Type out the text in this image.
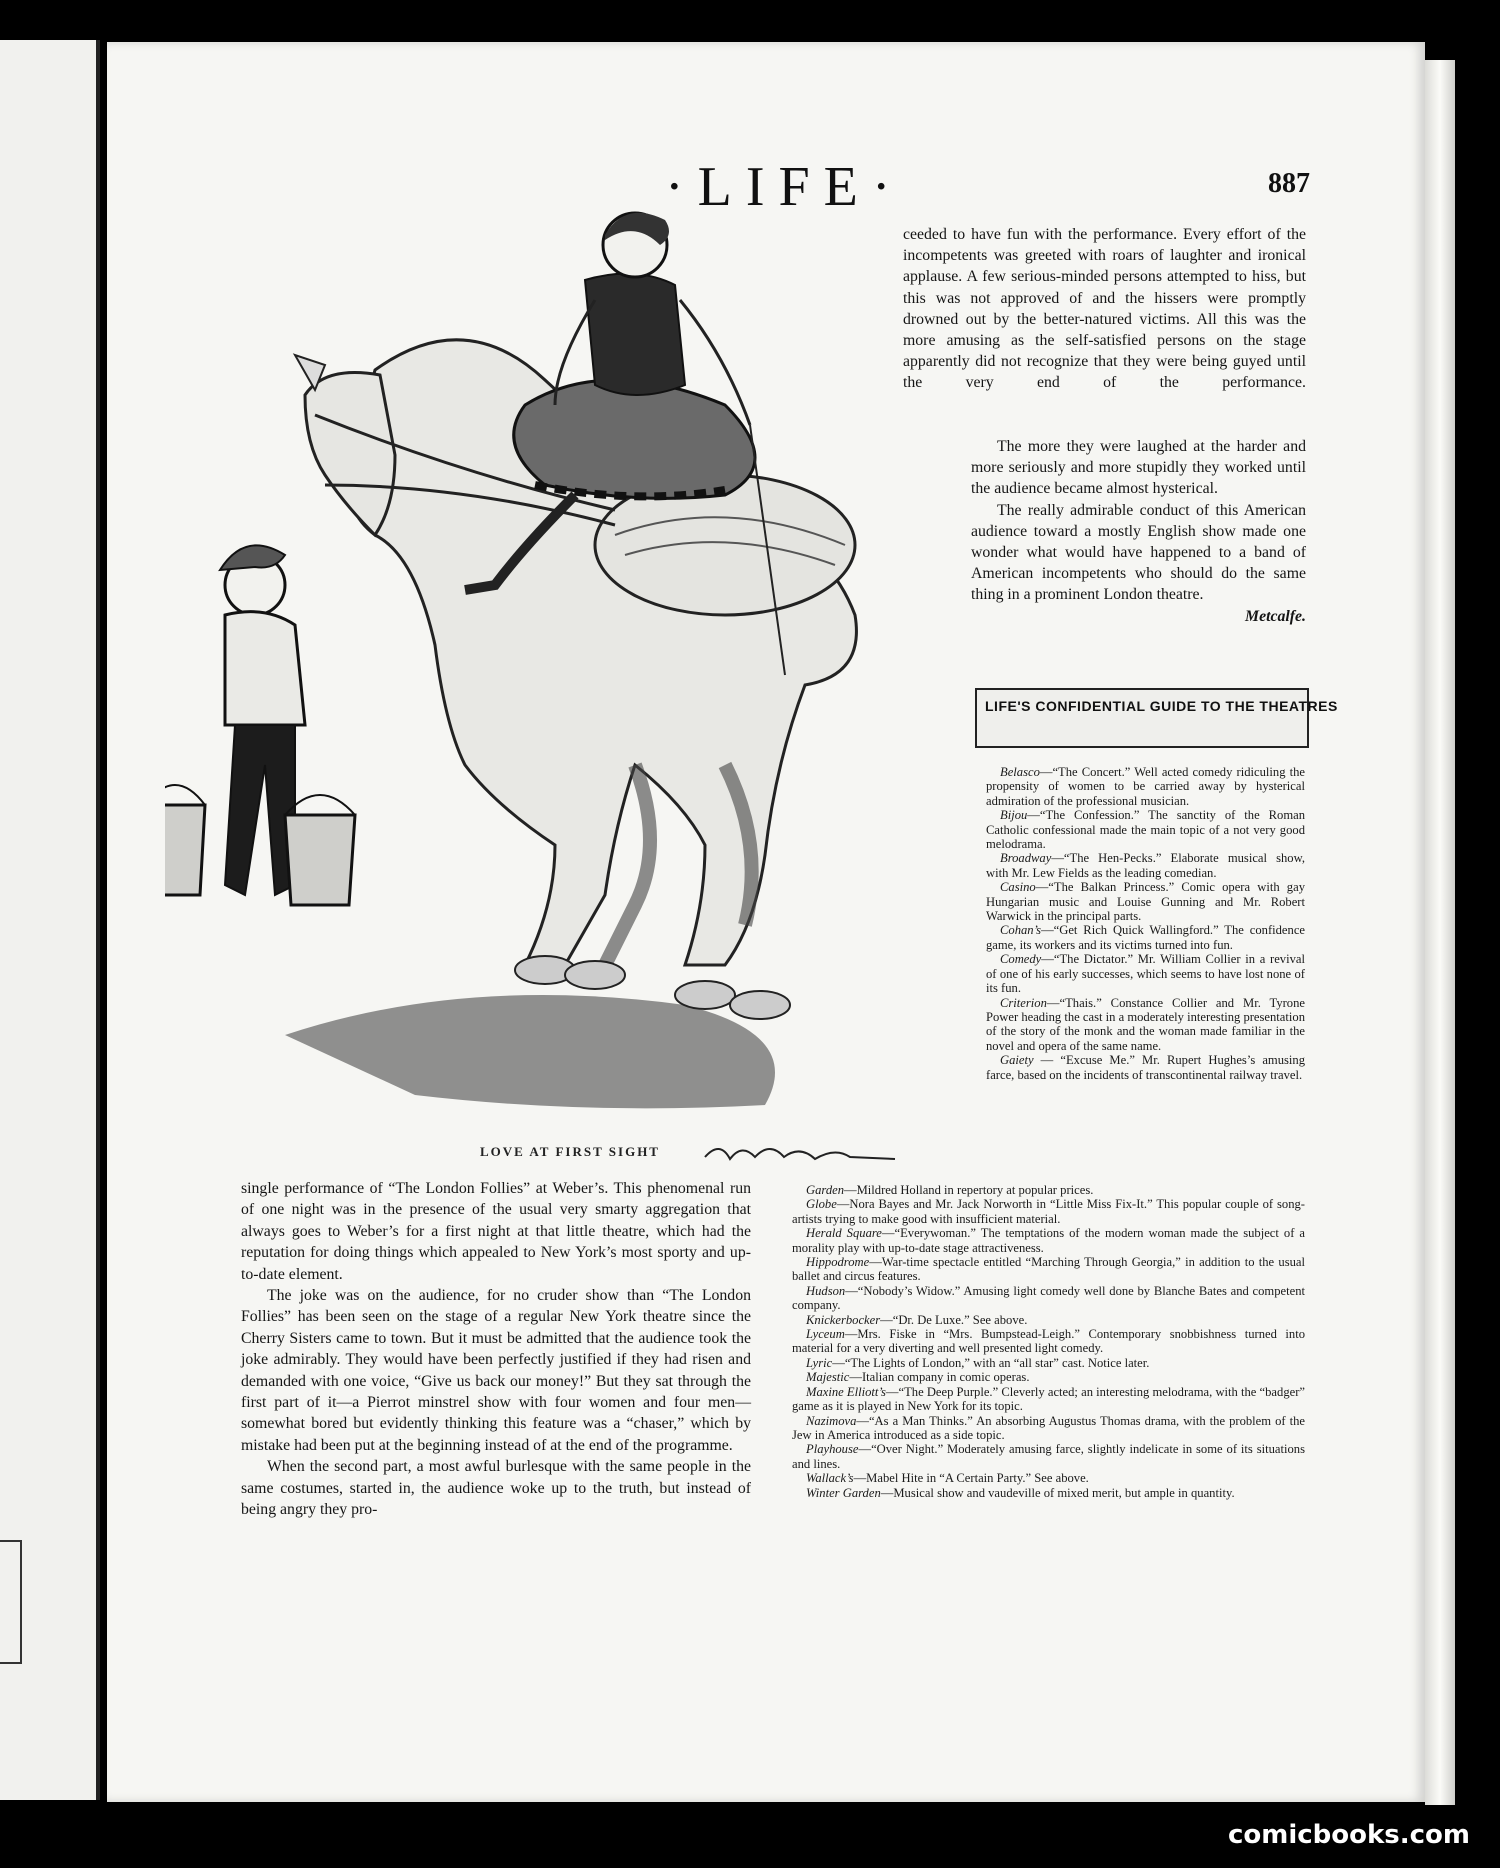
·LIFE·	887
LOVE AT FIRST SIGHT

ceeded to have fun with the performance. Every effort of the incompetents was greeted with roars of laughter and ironical applause. A few serious-minded persons attempted to hiss, but this was not approved of and the hissers were promptly drowned out by the better-natured victims. All this was the more amusing as the self-satisfied persons on the stage apparently did not recognize that they were being guyed until the very end of the performance.

The more they were laughed at the harder and more seriously and more stupidly they worked until the audience became almost hysterical.

The really admirable conduct of this American audience toward a mostly English show made one wonder what would have happened to a band of American incompetents who should do the same thing in a prominent London theatre.

Metcalfe.
LIFE'S CONFIDENTIAL GUIDE TO THE THEATRES

Belasco—“The Concert.” Well acted comedy ridiculing the propensity of women to be carried away by hysterical admiration of the professional musician.

Bijou—“The Confession.” The sanctity of the Roman Catholic confessional made the main topic of a not very good melodrama.

Broadway—“The Hen-Pecks.” Elaborate musical show, with Mr. Lew Fields as the leading comedian.

Casino—“The Balkan Princess.” Comic opera with gay Hungarian music and Louise Gunning and Mr. Robert Warwick in the principal parts.

Cohan’s—“Get Rich Quick Wallingford.” The confidence game, its workers and its victims turned into fun.

Comedy—“The Dictator.” Mr. William Collier in a revival of one of his early successes, which seems to have lost none of its fun.

Criterion—“Thais.” Constance Collier and Mr. Tyrone Power heading the cast in a moderately interesting presentation of the story of the monk and the woman made familiar in the novel and opera of the same name.

Gaiety — “Excuse Me.” Mr. Rupert Hughes’s amusing farce, based on the incidents of transcontinental railway travel.

single performance of “The London Follies” at Weber’s. This phenomenal run of one night was in the presence of the usual very smarty aggregation that always goes to Weber’s for a first night at that little theatre, which had the reputation for doing things which appealed to New York’s most sporty and up-to-date element.

The joke was on the audience, for no cruder show than “The London Follies” has been seen on the stage of a regular New York theatre since the Cherry Sisters came to town. But it must be admitted that the audience took the joke admirably. They would have been perfectly justified if they had risen and demanded with one voice, “Give us back our money!” But they sat through the first part of it—a Pierrot minstrel show with four women and four men—somewhat bored but evidently thinking this feature was a “chaser,” which by mistake had been put at the beginning instead of at the end of the programme.

When the second part, a most awful burlesque with the same people in the same costumes, started in, the audience woke up to the truth, but instead of being angry they pro-

Garden—Mildred Holland in repertory at popular prices.

Globe—Nora Bayes and Mr. Jack Norworth in “Little Miss Fix-It.” This popular couple of song-artists trying to make good with insufficient material.

Herald Square—“Everywoman.” The temptations of the modern woman made the subject of a morality play with up-to-date stage attractiveness.

Hippodrome—War-time spectacle entitled “Marching Through Georgia,” in addition to the usual ballet and circus features.

Hudson—“Nobody’s Widow.” Amusing light comedy well done by Blanche Bates and competent company.

Knickerbocker—“Dr. De Luxe.” See above.

Lyceum—Mrs. Fiske in “Mrs. Bumpstead-Leigh.” Contemporary snobbishness turned into material for a very diverting and well presented light comedy.

Lyric—“The Lights of London,” with an “all star” cast. Notice later.

Majestic—Italian company in comic operas.

Maxine Elliott’s—“The Deep Purple.” Cleverly acted; an interesting melodrama, with the “badger” game as it is played in New York for its topic.

Nazimova—“As a Man Thinks.” An absorbing Augustus Thomas drama, with the problem of the Jew in America introduced as a side topic.

Playhouse—“Over Night.” Moderately amusing farce, slightly indelicate in some of its situations and lines.

Wallack’s—Mabel Hite in “A Certain Party.” See above.

Winter Garden—Musical show and vaudeville of mixed merit, but ample in quantity.

comicbooks.com
